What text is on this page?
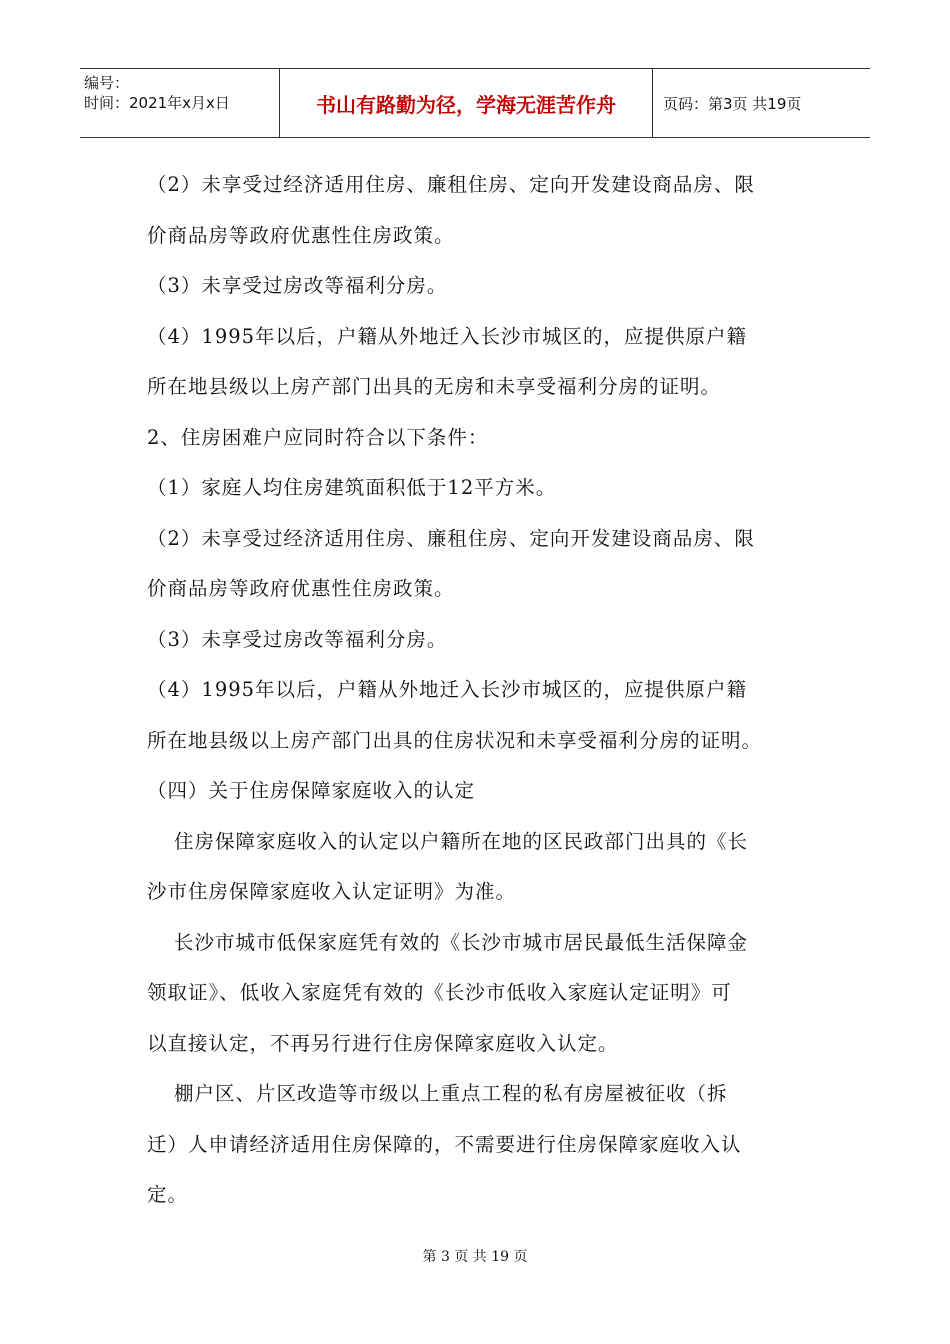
编号：
时间：2021年x月x日	书山有路勤为径，学海无涯苦作舟	页码：第3页 共19页

（2）未享受过经济适用住房、廉租住房、定向开发建设商品房、限

价商品房等政府优惠性住房政策。

（3）未享受过房改等福利分房。

（4）1995年以后，户籍从外地迁入长沙市城区的，应提供原户籍

所在地县级以上房产部门出具的无房和未享受福利分房的证明。

2、住房困难户应同时符合以下条件：

（1）家庭人均住房建筑面积低于12平方米。

（2）未享受过经济适用住房、廉租住房、定向开发建设商品房、限

价商品房等政府优惠性住房政策。

（3）未享受过房改等福利分房。

（4）1995年以后，户籍从外地迁入长沙市城区的，应提供原户籍

所在地县级以上房产部门出具的住房状况和未享受福利分房的证明。

（四）关于住房保障家庭收入的认定

住房保障家庭收入的认定以户籍所在地的区民政部门出具的《长

沙市住房保障家庭收入认定证明》为准。

长沙市城市低保家庭凭有效的《长沙市城市居民最低生活保障金

领取证》、低收入家庭凭有效的《长沙市低收入家庭认定证明》可

以直接认定，不再另行进行住房保障家庭收入认定。

棚户区、片区改造等市级以上重点工程的私有房屋被征收（拆

迁）人申请经济适用住房保障的，不需要进行住房保障家庭收入认

定。

第 3 页 共 19 页
